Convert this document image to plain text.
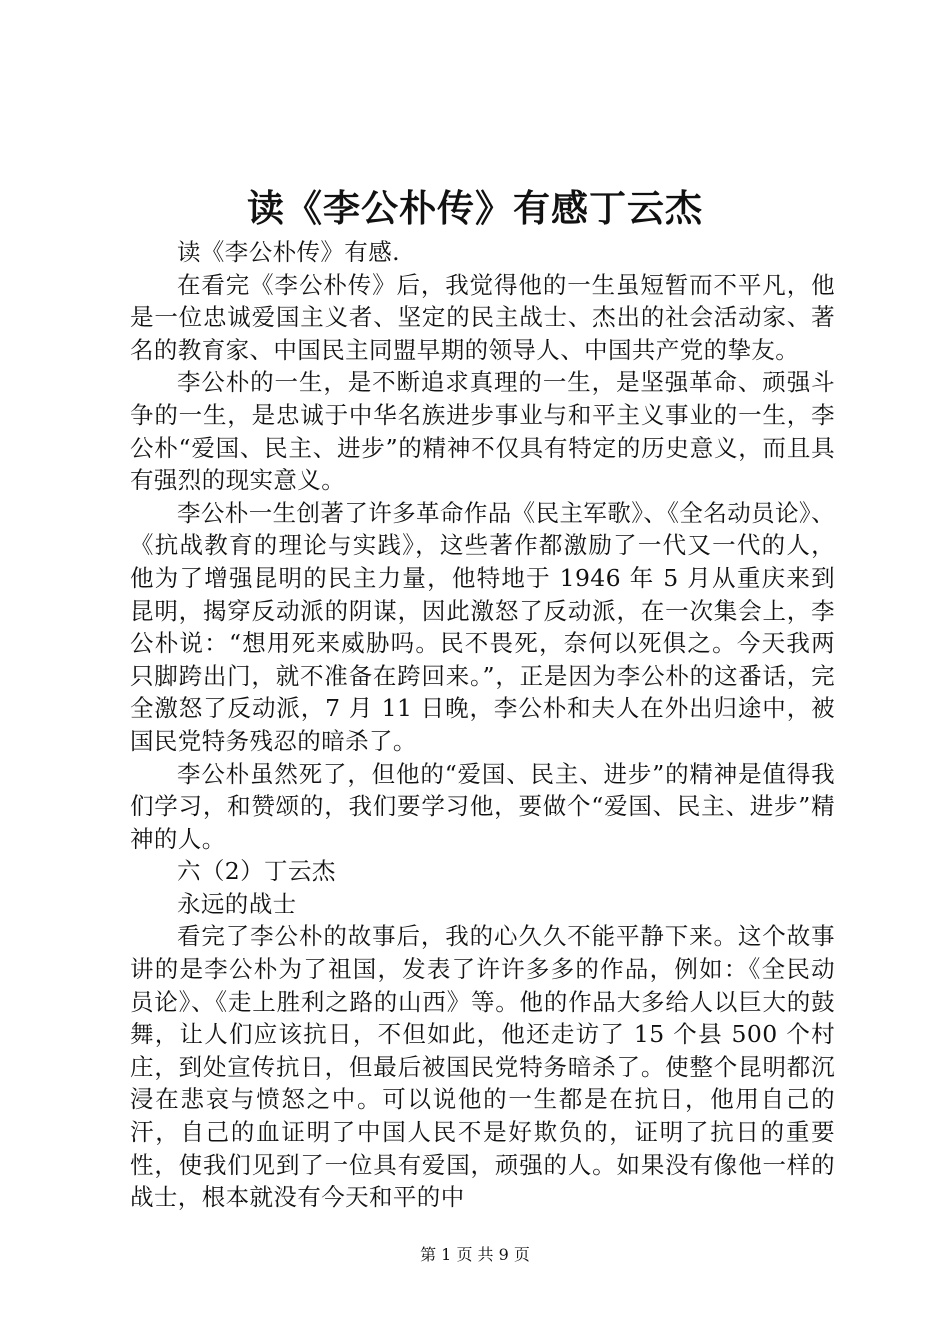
读《李公朴传》有感丁云杰

读《李公朴传》有感.

在看完《李公朴传》后，我觉得他的一生虽短暂而不平凡，他是一位忠诚爱国主义者、坚定的民主战士、杰出的社会活动家、著名的教育家、中国民主同盟早期的领导人、中国共产党的挚友。

李公朴的一生，是不断追求真理的一生，是坚强革命、顽强斗争的一生，是忠诚于中华名族进步事业与和平主义事业的一生，李公朴“爱国、民主、进步”的精神不仅具有特定的历史意义，而且具有强烈的现实意义。

李公朴一生创著了许多革命作品《民主军歌》、《全名动员论》、《抗战教育的理论与实践》，这些著作都激励了一代又一代的人，他为了增强昆明的民主力量，他特地于 1946 年 5 月从重庆来到昆明，揭穿反动派的阴谋，因此激怒了反动派，在一次集会上，李公朴说：“想用死来威胁吗。民不畏死，奈何以死俱之。今天我两只脚跨出门，就不准备在跨回来。”，正是因为李公朴的这番话，完全激怒了反动派，7 月 11 日晚，李公朴和夫人在外出归途中，被国民党特务残忍的暗杀了。

李公朴虽然死了，但他的“爱国、民主、进步”的精神是值得我们学习，和赞颂的，我们要学习他，要做个“爱国、民主、进步”精神的人。

六（2）丁云杰

永远的战士

看完了李公朴的故事后，我的心久久不能平静下来。这个故事讲的是李公朴为了祖国，发表了许许多多的作品，例如：《全民动员论》、《走上胜利之路的山西》等。他的作品大多给人以巨大的鼓舞，让人们应该抗日，不但如此，他还走访了 15 个县 500 个村庄，到处宣传抗日，但最后被国民党特务暗杀了。使整个昆明都沉浸在悲哀与愤怒之中。可以说他的一生都是在抗日，他用自己的汗，自己的血证明了中国人民不是好欺负的，证明了抗日的重要性，使我们见到了一位具有爱国，顽强的人。如果没有像他一样的战士，根本就没有今天和平的中

第 1 页 共 9 页
